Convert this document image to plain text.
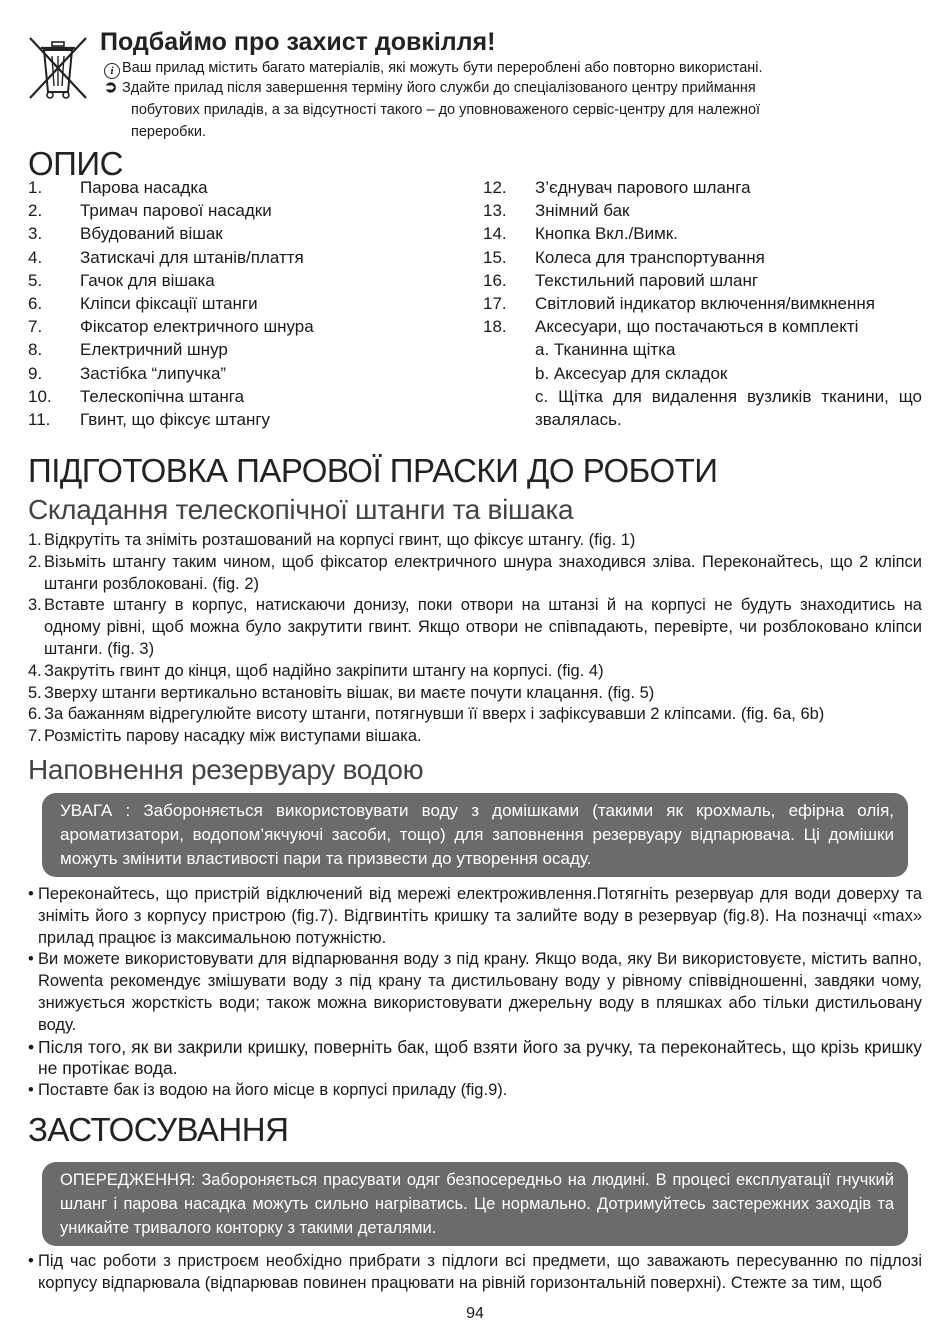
Подбаймо про захист довкілля!
i Ваш прилад містить багато матеріалів, які можуть бути перероблені або повторно використані.
➲ Здайте прилад після завершення терміну його служби до спеціалізованого центру приймання
побутових приладів, а за відсутності такого – до уповноваженого сервіс-центру для належної
переробки.
ОПИС
1.	Парова насадка
2.	Тримач парової насадки
3.	Вбудований вішак
4.	Затискачі для штанів/плаття
5.	Гачок для вішака
6.	Кліпси фіксації штанги
7.	Фіксатор електричного шнура
8.	Електричний шнур
9.	Застібка “липучка”
10.	Телескопічна штанга
11.	Гвинт, що фіксує штангу
12.	З’єднувач парового шланга
13.	Знімний бак
14.	Кнопка Вкл./Вимк.
15.	Колеса для транспортування
16.	Текстильний паровий шланг
17.	Світловий індикатор включення/вимкнення
18.	Аксесуари, що постачаються в комплекті
a. Тканинна щітка
b. Аксесуар для складок
c. Щітка для видалення вузликів тканини, що звалялась.
ПІДГОТОВКА ПАРОВОЇ ПРАСКИ ДО РОБОТИ
Складання телескопічної штанги та вішака
1. Відкрутіть та зніміть розташований на корпусі гвинт, що фіксує штангу. (fig. 1)
2. Візьміть штангу таким чином, щоб фіксатор електричного шнура знаходився зліва. Переконайтесь, що 2 кліпси штанги розблоковані. (fig. 2)
3. Вставте штангу в корпус, натискаючи донизу, поки отвори на штанзі й на корпусі не будуть знаходитись на одному рівні, щоб можна було закрутити гвинт. Якщо отвори не співпадають, перевірте, чи розблоковано кліпси штанги. (fig. 3)
4. Закрутіть гвинт до кінця, щоб надійно закріпити штангу на корпусі. (fig. 4)
5. Зверху штанги вертикально встановіть вішак, ви маєте почути клацання. (fig. 5)
6. За бажанням відрегулюйте висоту штанги, потягнувши її вверх і зафіксувавши 2 кліпсами. (fig. 6a, 6b)
7. Розмістіть парову насадку між виступами вішака.
Наповнення резервуару водою
УВАГА : Забороняється використовувати воду з домішками (такими як крохмаль, ефірна олія, ароматизатори, водопом’якчуючі засоби, тощо) для заповнення резервуару відпарювача. Ці домішки можуть змінити властивості пари та призвести до утворення осаду.
• Переконайтесь, що пристрій відключений від мережі електроживлення.Потягніть резервуар для води доверху та зніміть його з корпусу пристрою (fig.7). Відгвинтіть кришку та залийте воду в резервуар (fig.8). На позначці «max» прилад працює із максимальною потужністю.
• Ви можете використовувати для відпарювання воду з під крану. Якщо вода, яку Ви використовуєте, містить вапно, Rowenta рекомендує змішувати воду з під крану та дистильовану воду у рівному співвідношенні, завдяки чому, знижується жорсткість води; також можна використовувати джерельну воду в пляшках або тільки дистильовану воду.
• Після того, як ви закрили кришку, поверніть бак, щоб взяти його за ручку, та переконайтесь, що крізь кришку не протікає вода.
• Поставте бак із водою на його місце в корпусі приладу (fig.9).
ЗАСТОСУВАННЯ
ОПЕРЕДЖЕННЯ: Забороняється прасувати одяг безпосередньо на людині. В процесі експлуатації гнучкий шланг і парова насадка можуть сильно нагріватись. Це нормально. Дотримуйтесь застережних заходів та уникайте тривалого конторку з такими деталями.
• Під час роботи з пристроєм необхідно прибрати з підлоги всі предмети, що заважають пересуванню по підлозі корпусу відпарювала (відпарював повинен працювати на рівній горизонтальній поверхні). Стежте за тим, щоб
94
